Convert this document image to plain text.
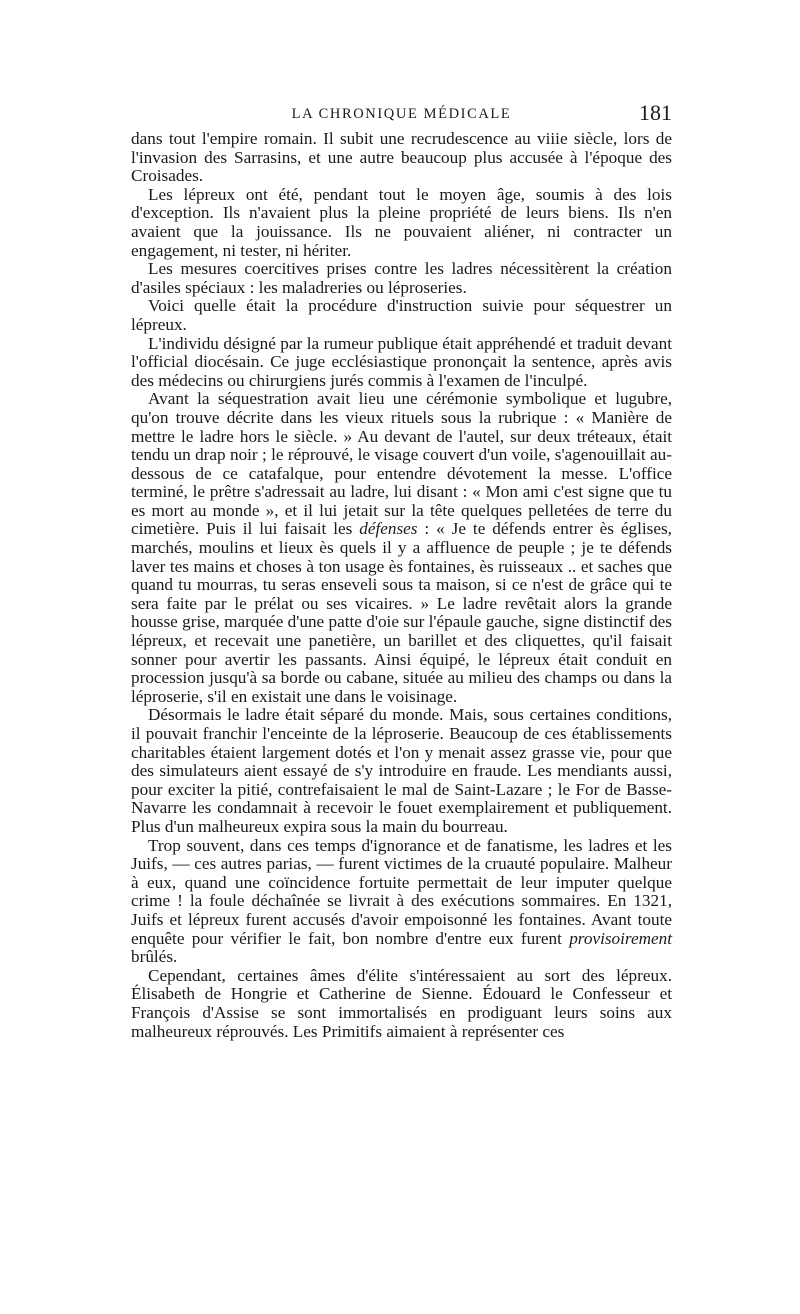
LA CHRONIQUE MÉDICALE	181

dans tout l'empire romain. Il subit une recrudescence au viiie siècle, lors de l'invasion des Sarrasins, et une autre beaucoup plus accusée à l'époque des Croisades.

Les lépreux ont été, pendant tout le moyen âge, soumis à des lois d'exception. Ils n'avaient plus la pleine propriété de leurs biens. Ils n'en avaient que la jouissance. Ils ne pouvaient aliéner, ni contracter un engagement, ni tester, ni hériter.

Les mesures coercitives prises contre les ladres nécessitèrent la création d'asiles spéciaux : les maladreries ou léproseries.

Voici quelle était la procédure d'instruction suivie pour séquestrer un lépreux.

L'individu désigné par la rumeur publique était appréhendé et traduit devant l'official diocésain. Ce juge ecclésiastique prononçait la sentence, après avis des médecins ou chirurgiens jurés commis à l'examen de l'inculpé.

Avant la séquestration avait lieu une cérémonie symbolique et lugubre, qu'on trouve décrite dans les vieux rituels sous la rubrique : « Manière de mettre le ladre hors le siècle. » Au devant de l'autel, sur deux tréteaux, était tendu un drap noir ; le réprouvé, le visage couvert d'un voile, s'agenouillait au-dessous de ce catafalque, pour entendre dévotement la messe. L'office terminé, le prêtre s'adressait au ladre, lui disant : « Mon ami c'est signe que tu es mort au monde », et il lui jetait sur la tête quelques pelletées de terre du cimetière. Puis il lui faisait les défenses : « Je te défends entrer ès églises, marchés, moulins et lieux ès quels il y a affluence de peuple ; je te défends laver tes mains et choses à ton usage ès fontaines, ès ruisseaux .. et saches que quand tu mourras, tu seras enseveli sous ta maison, si ce n'est de grâce qui te sera faite par le prélat ou ses vicaires. » Le ladre revêtait alors la grande housse grise, marquée d'une patte d'oie sur l'épaule gauche, signe distinctif des lépreux, et recevait une panetière, un barillet et des cliquettes, qu'il faisait sonner pour avertir les passants. Ainsi équipé, le lépreux était conduit en procession jusqu'à sa borde ou cabane, située au milieu des champs ou dans la léproserie, s'il en existait une dans le voisinage.

Désormais le ladre était séparé du monde. Mais, sous certaines conditions, il pouvait franchir l'enceinte de la léproserie. Beaucoup de ces établissements charitables étaient largement dotés et l'on y menait assez grasse vie, pour que des simulateurs aient essayé de s'y introduire en fraude. Les mendiants aussi, pour exciter la pitié, contrefaisaient le mal de Saint-Lazare ; le For de Basse-Navarre les condamnait à recevoir le fouet exemplairement et publiquement. Plus d'un malheureux expira sous la main du bourreau.

Trop souvent, dans ces temps d'ignorance et de fanatisme, les ladres et les Juifs, — ces autres parias, — furent victimes de la cruauté populaire. Malheur à eux, quand une coïncidence fortuite permettait de leur imputer quelque crime ! la foule déchaînée se livrait à des exécutions sommaires. En 1321, Juifs et lépreux furent accusés d'avoir empoisonné les fontaines. Avant toute enquête pour vérifier le fait, bon nombre d'entre eux furent provisoirement brûlés.

Cependant, certaines âmes d'élite s'intéressaient au sort des lépreux. Élisabeth de Hongrie et Catherine de Sienne. Édouard le Confesseur et François d'Assise se sont immortalisés en prodiguant leurs soins aux malheureux réprouvés. Les Primitifs aimaient à représenter ces
